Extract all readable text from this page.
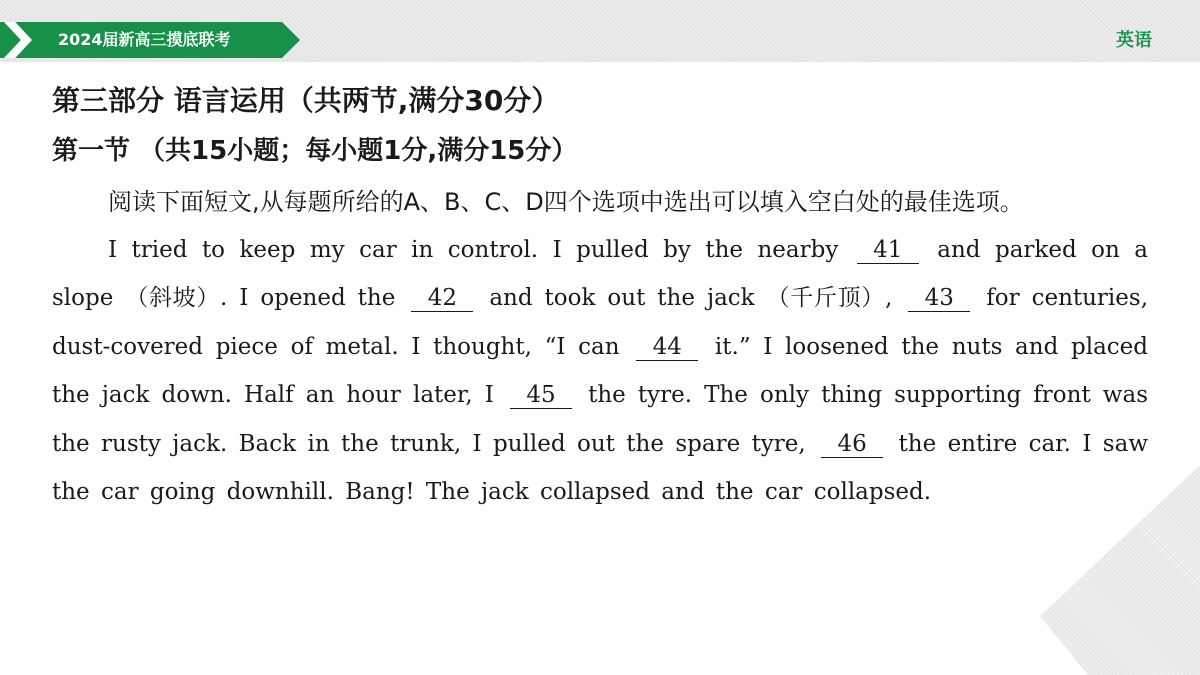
2024届新高三摸底联考	英语
第三部分 语言运用（共两节,满分30分）
第一节 （共15小题；每小题1分,满分15分）
阅读下面短文,从每题所给的A、B、C、D四个选项中选出可以填入空白处的最佳选项。
I tried to keep my car in control. I pulled by the nearby 41 and parked on a slope （斜坡）. I opened the 42 and took out the jack （千斤顶）, 43 for centuries, dust-covered piece of metal. I thought, “I can 44 it.” I loosened the nuts and placed the jack down. Half an hour later, I 45 the tyre. The only thing supporting front was the rusty jack. Back in the trunk, I pulled out the spare tyre, 46 the entire car. I saw the car going downhill. Bang! The jack collapsed and the car collapsed.
